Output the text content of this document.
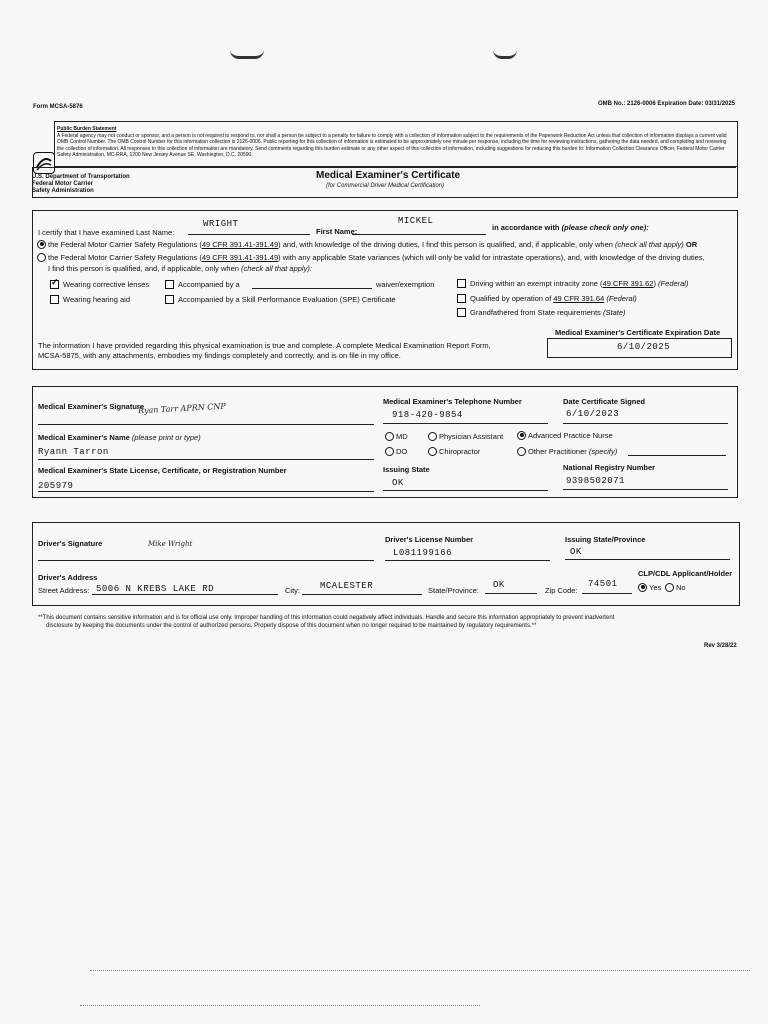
Form MCSA-5876	OMB No.: 2126-0006 Expiration Date: 03/31/2025
Public Burden Statement
A Federal agency may not conduct or sponsor, and a person is not required to respond to, nor shall a person be subject to a penalty for failure to comply with a collection of information subject to the requirements of the Paperwork Reduction Act unless that collection of information displays a current valid OMB Control Number. The OMB Control Number for this information collection is 2126-0006. Public reporting for this collection of information is estimated to be approximately one minute per response, including the time for reviewing instructions, gathering the data needed, and completing and reviewing the collection of information. All responses to this collection of information are mandatory. Send comments regarding this burden estimate or any other aspect of this collection of information, including suggestions for reducing this burden to: Information Collection Clearance Officer, Federal Motor Carrier Safety Administration, MC-RRA, 1200 New Jersey Avenue SE, Washington, D.C. 20590.
U.S. Department of Transportation
Federal Motor Carrier
Safety Administration
Medical Examiner's Certificate
(for Commercial Driver Medical Certification)
I certify that I have examined Last Name:
WRIGHT
First Name:
MICKEL
in accordance with (please check only one):
the Federal Motor Carrier Safety Regulations (49 CFR 391.41-391.49) and, with knowledge of the driving duties, I find this person is qualified, and, if applicable, only when (check all that apply) OR
the Federal Motor Carrier Safety Regulations (49 CFR 391.41-391.49) with any applicable State variances (which will only be valid for intrastate operations), and, with knowledge of the driving duties,
I find this person is qualified, and, if applicable, only when (check all that apply):
✓Wearing corrective lenses
Wearing hearing aid
Accompanied by a	waiver/exemption
Accompanied by a Skill Performance Evaluation (SPE) Certificate
Driving within an exempt intracity zone (49 CFR 391.62) (Federal)
Qualified by operation of 49 CFR 391.64 (Federal)
Grandfathered from State requirements (State)
The information I have provided regarding this physical examination is true and complete. A complete Medical Examination Report Form,
MCSA-5875, with any attachments, embodies my findings completely and correctly, and is on file in my office.
Medical Examiner's Certificate Expiration Date
6/10/2025
Medical Examiner's Signature
Ryan Tarr APRN CNP
Medical Examiner's Telephone Number
918-420-9854
Date Certificate Signed
6/10/2023
Medical Examiner's Name (please print or type)
Ryann Tarron
MD
DO
Physician Assistant
Chiropractor
Advanced Practice Nurse
Other Practitioner (specify)
Medical Examiner's State License, Certificate, or Registration Number
205979
Issuing State
OK
National Registry Number
9398502071
Driver's Signature	Mike Wright	Driver's License Number
L081199166
Issuing State/Province
OK
Driver's Address
Street Address: 5006 N KREBS LAKE RD	City: MCALESTER	State/Province:
OK
Zip Code:
74501
CLP/CDL Applicant/Holder
Yes	No
**This document contains sensitive information and is for official use only. Improper handling of this information could negatively affect individuals. Handle and secure this information appropriately to prevent inadvertent
disclosure by keeping the documents under the control of authorized persons. Properly dispose of this document when no longer required to be maintained by regulatory requirements.**
Rev 3/28/22
